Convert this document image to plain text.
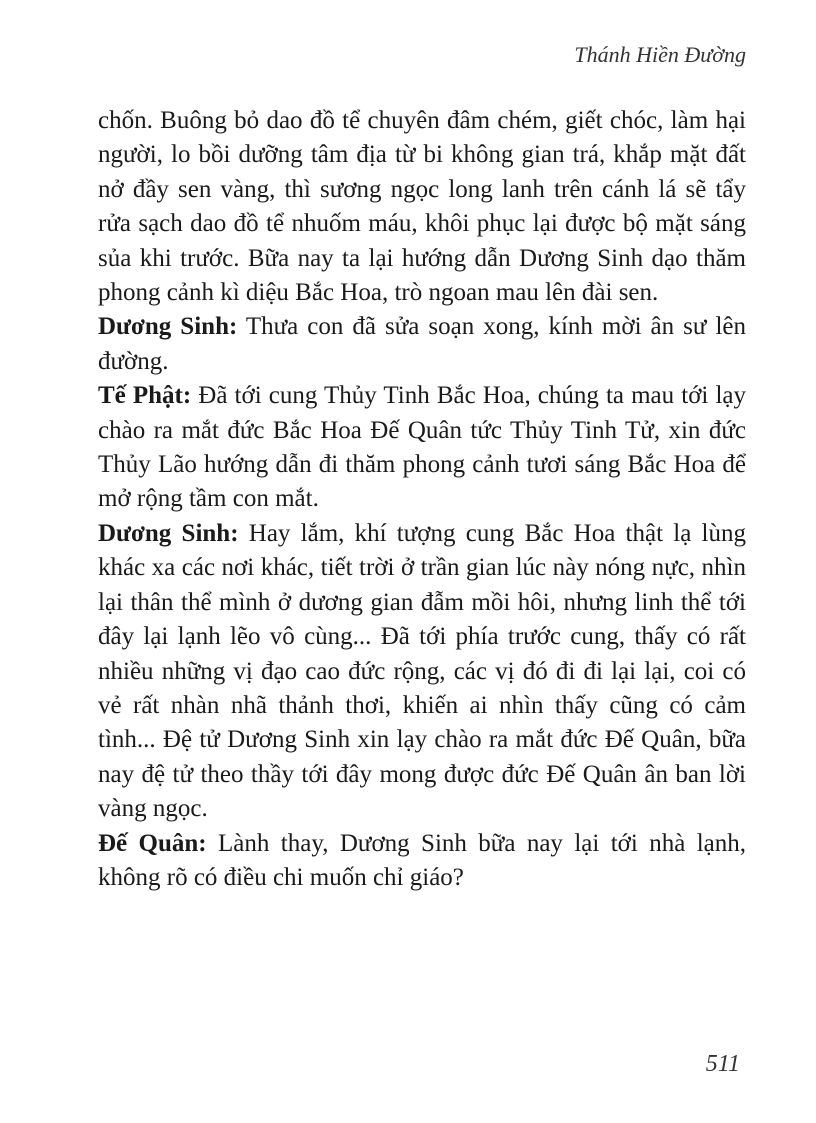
Thánh Hiền Đường

chốn. Buông bỏ dao đồ tể chuyên đâm chém, giết chóc, làm hại người, lo bồi dưỡng tâm địa từ bi không gian trá, khắp mặt đất nở đầy sen vàng, thì sương ngọc long lanh trên cánh lá sẽ tẩy rửa sạch dao đồ tể nhuốm máu, khôi phục lại được bộ mặt sáng sủa khi trước. Bữa nay ta lại hướng dẫn Dương Sinh dạo thăm phong cảnh kì diệu Bắc Hoa, trò ngoan mau lên đài sen.

Dương Sinh: Thưa con đã sửa soạn xong, kính mời ân sư lên đường.

Tế Phật: Đã tới cung Thủy Tinh Bắc Hoa, chúng ta mau tới lạy chào ra mắt đức Bắc Hoa Đế Quân tức Thủy Tinh Tử, xin đức Thủy Lão hướng dẫn đi thăm phong cảnh tươi sáng Bắc Hoa để mở rộng tầm con mắt.

Dương Sinh: Hay lắm, khí tượng cung Bắc Hoa thật lạ lùng khác xa các nơi khác, tiết trời ở trần gian lúc này nóng nực, nhìn lại thân thể mình ở dương gian đẫm mồi hôi, nhưng linh thể tới đây lại lạnh lẽo vô cùng... Đã tới phía trước cung, thấy có rất nhiều những vị đạo cao đức rộng, các vị đó đi đi lại lại, coi có vẻ rất nhàn nhã thảnh thơi, khiến ai nhìn thấy cũng có cảm tình... Đệ tử Dương Sinh xin lạy chào ra mắt đức Đế Quân, bữa nay đệ tử theo thầy tới đây mong được đức Đế Quân ân ban lời vàng ngọc.

Đế Quân: Lành thay, Dương Sinh bữa nay lại tới nhà lạnh, không rõ có điều chi muốn chỉ giáo?

511
